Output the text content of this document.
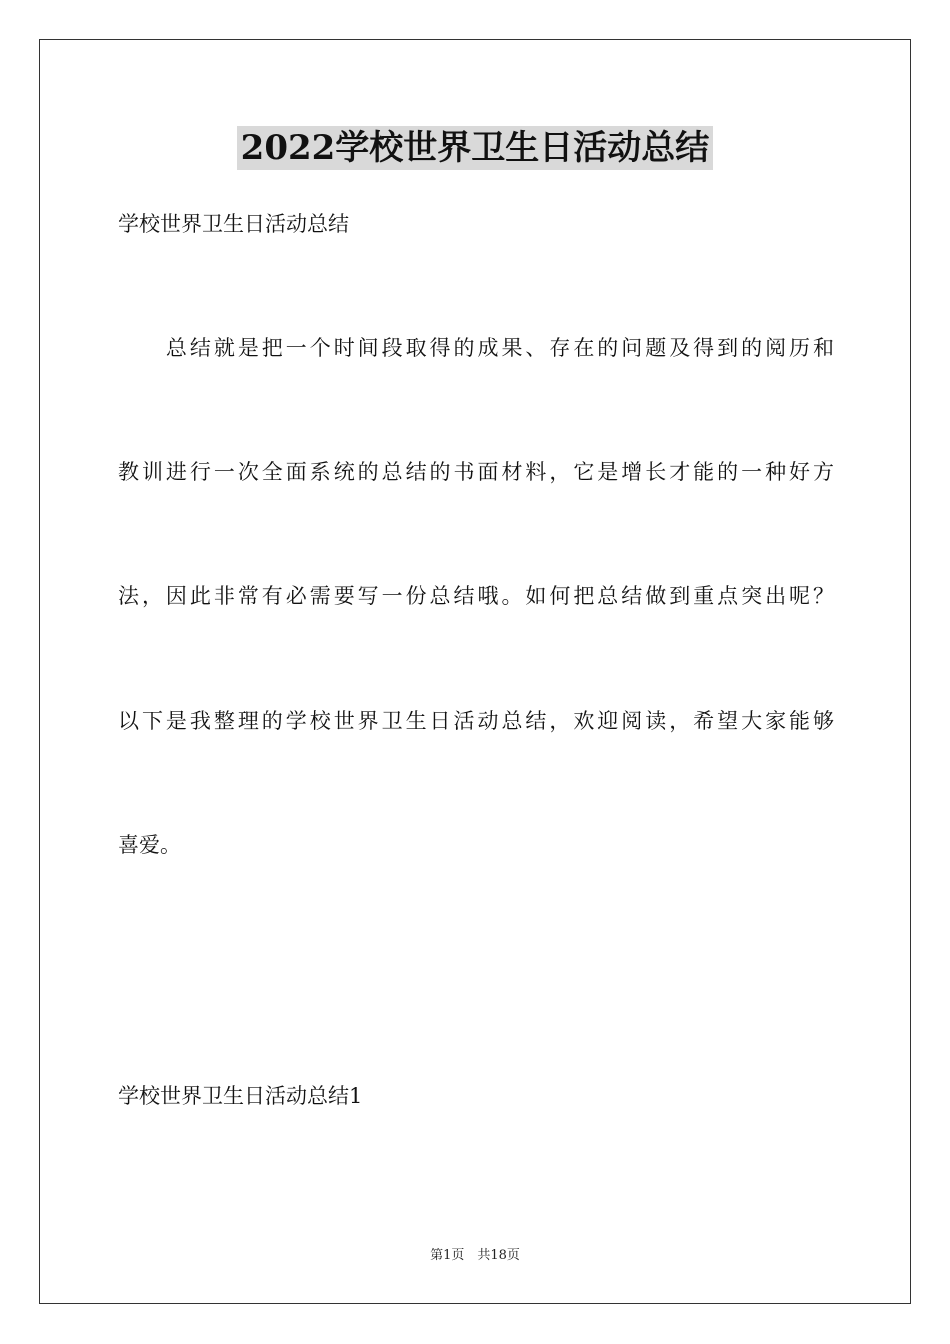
2022学校世界卫生日活动总结
学校世界卫生日活动总结
　　总结就是把一个时间段取得的成果、存在的问题及得到的阅历和
教训进行一次全面系统的总结的书面材料，它是增长才能的一种好方
法，因此非常有必需要写一份总结哦。如何把总结做到重点突出呢？
以下是我整理的学校世界卫生日活动总结，欢迎阅读，希望大家能够
喜爱。
学校世界卫生日活动总结1
第1页　共18页
